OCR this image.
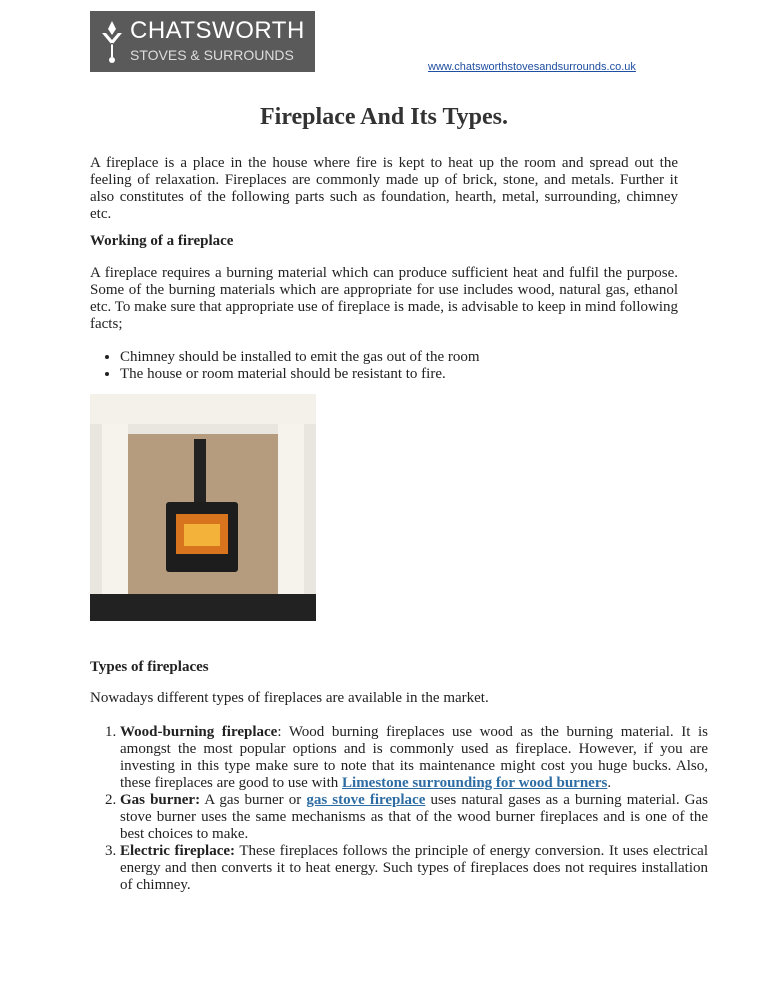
CHATSWORTH
STOVES & SURROUNDS
www.chatsworthstovesandsurrounds.co.uk
Fireplace And Its Types.
A fireplace is a place in the house where fire is kept to heat up the room and spread out the feeling of relaxation. Fireplaces are commonly made up of brick, stone, and metals. Further it also constitutes of the following parts such as foundation, hearth, metal, surrounding, chimney etc.
Working of a fireplace
A fireplace requires a burning material which can produce sufficient heat and fulfil the purpose. Some of the burning materials which are appropriate for use includes wood, natural gas, ethanol etc. To make sure that appropriate use of fireplace is made, is advisable to keep in mind following facts;
• Chimney should be installed to emit the gas out of the room
• The house or room material should be resistant to fire.
Types of fireplaces
Nowadays different types of fireplaces are available in the market.
1. Wood-burning fireplace: Wood burning fireplaces use wood as the burning material. It is amongst the most popular options and is commonly used as fireplace. However, if you are investing in this type make sure to note that its maintenance might cost you huge bucks. Also, these fireplaces are good to use with Limestone surrounding for wood burners.
2. Gas burner: A gas burner or gas stove fireplace uses natural gases as a burning material. Gas stove burner uses the same mechanisms as that of the wood burner fireplaces and is one of the best choices to make.
3. Electric fireplace: These fireplaces follows the principle of energy conversion. It uses electrical energy and then converts it to heat energy. Such types of fireplaces does not requires installation of chimney.
